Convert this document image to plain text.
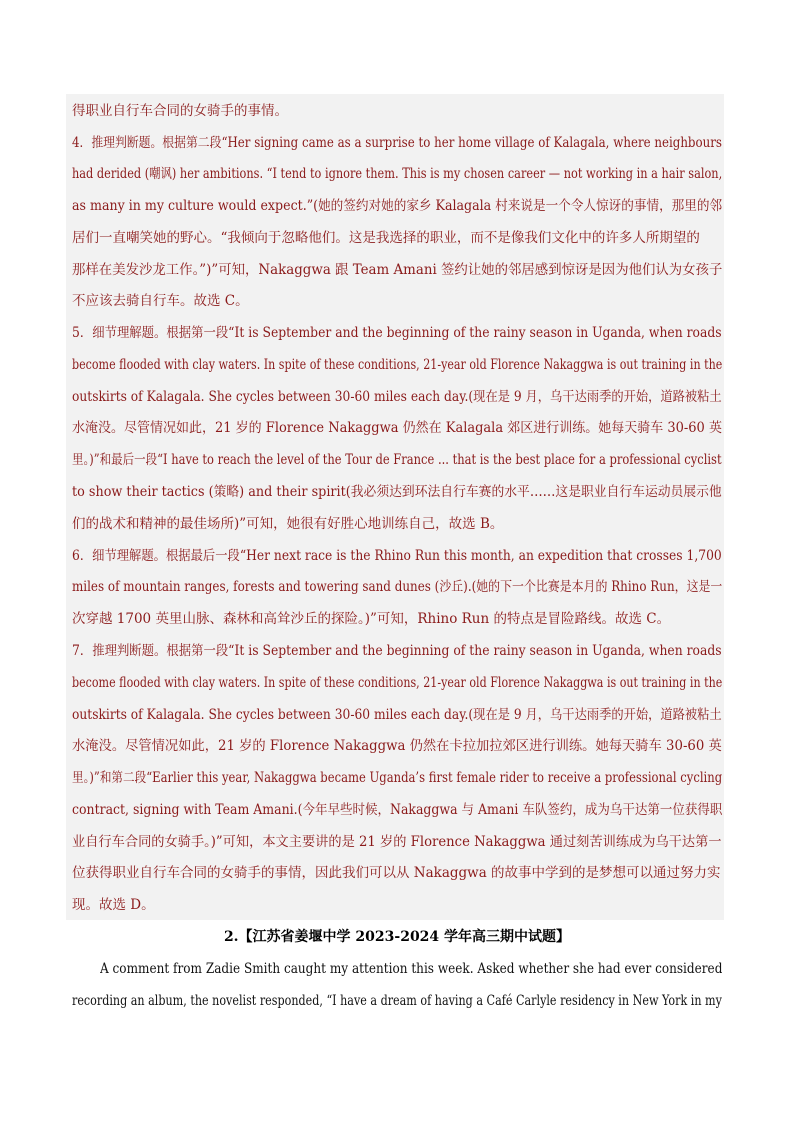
得职业自行车合同的女骑手的事情。
4．推理判断题。根据第二段“Her signing came as a surprise to her home village of Kalagala, where neighbours
had derided (嘲讽) her ambitions. “I tend to ignore them. This is my chosen career — not working in a hair salon,
as many in my culture would expect.”(她的签约对她的家乡 Kalagala 村来说是一个令人惊讶的事情，那里的邻
居们一直嘲笑她的野心。“我倾向于忽略他们。这是我选择的职业，而不是像我们文化中的许多人所期望的
那样在美发沙龙工作。”)”可知，Nakaggwa 跟 Team Amani 签约让她的邻居感到惊讶是因为他们认为女孩子
不应该去骑自行车。故选 C。
5．细节理解题。根据第一段“It is September and the beginning of the rainy season in Uganda, when roads
become flooded with clay waters. In spite of these conditions, 21-year old Florence Nakaggwa is out training in the
outskirts of Kalagala. She cycles between 30-60 miles each day.(现在是 9 月，乌干达雨季的开始，道路被粘土
水淹没。尽管情况如此，21 岁的 Florence Nakaggwa 仍然在 Kalagala 郊区进行训练。她每天骑车 30-60 英
里。)”和最后一段“I have to reach the level of the Tour de France ... that is the best place for a professional cyclist
to show their tactics (策略) and their spirit(我必须达到环法自行车赛的水平……这是职业自行车运动员展示他
们的战术和精神的最佳场所)”可知，她很有好胜心地训练自己，故选 B。
6．细节理解题。根据最后一段“Her next race is the Rhino Run this month, an expedition that crosses 1,700
miles of mountain ranges, forests and towering sand dunes (沙丘).(她的下一个比赛是本月的 Rhino Run，这是一
次穿越 1700 英里山脉、森林和高耸沙丘的探险。)”可知，Rhino Run 的特点是冒险路线。故选 C。
7．推理判断题。根据第一段“It is September and the beginning of the rainy season in Uganda, when roads
become flooded with clay waters. In spite of these conditions, 21-year old Florence Nakaggwa is out training in the
outskirts of Kalagala. She cycles between 30-60 miles each day.(现在是 9 月，乌干达雨季的开始，道路被粘土
水淹没。尽管情况如此，21 岁的 Florence Nakaggwa 仍然在卡拉加拉郊区进行训练。她每天骑车 30-60 英
里。)”和第二段“Earlier this year, Nakaggwa became Uganda’s first female rider to receive a professional cycling
contract, signing with Team Amani.(今年早些时候，Nakaggwa 与 Amani 车队签约，成为乌干达第一位获得职
业自行车合同的女骑手。)”可知，本文主要讲的是 21 岁的 Florence Nakaggwa 通过刻苦训练成为乌干达第一
位获得职业自行车合同的女骑手的事情，因此我们可以从 Nakaggwa 的故事中学到的是梦想可以通过努力实
现。故选 D。
2.【江苏省姜堰中学 2023-2024 学年高三期中试题】
A comment from Zadie Smith caught my attention this week. Asked whether she had ever considered
recording an album, the novelist responded, “I have a dream of having a Café Carlyle residency in New York in my
